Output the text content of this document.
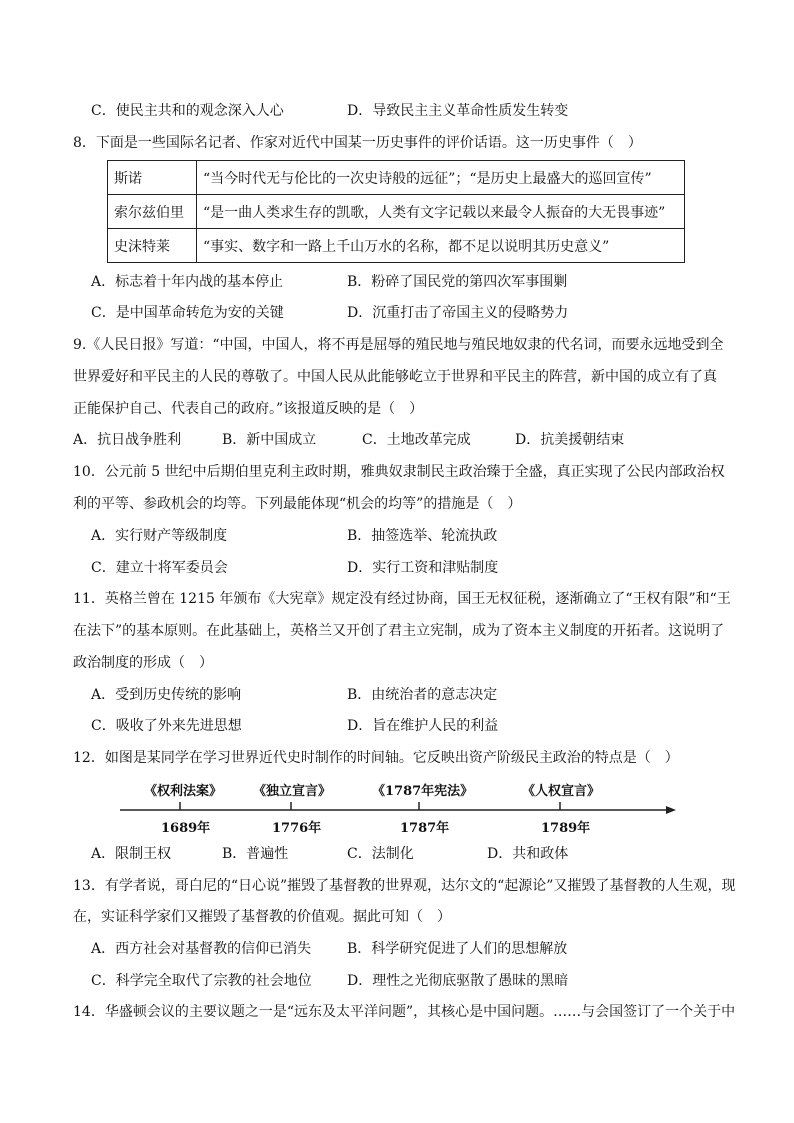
C．使民主共和的观念深入人心	D．导致民主主义革命性质发生转变
8．下面是一些国际名记者、作家对近代中国某一历史事件的评价话语。这一历史事件（　）
斯诺	“当今时代无与伦比的一次史诗般的远征”；“是历史上最盛大的巡回宣传”
索尔兹伯里	“是一曲人类求生存的凯歌，人类有文字记载以来最令人振奋的大无畏事迹”
史沫特莱	“事实、数字和一路上千山万水的名称，都不足以说明其历史意义”
A．标志着十年内战的基本停止	B．粉碎了国民党的第四次军事围剿
C．是中国革命转危为安的关键	D．沉重打击了帝国主义的侵略势力
9.《人民日报》写道：“中国，中国人，将不再是屈辱的殖民地与殖民地奴隶的代名词，而要永远地受到全
世界爱好和平民主的人民的尊敬了。中国人民从此能够屹立于世界和平民主的阵营，新中国的成立有了真
正能保护自己、代表自己的政府。”该报道反映的是（　）
A．抗日战争胜利	B．新中国成立	C．土地改革完成	D．抗美援朝结束
10．公元前 5 世纪中后期伯里克利主政时期，雅典奴隶制民主政治臻于全盛，真正实现了公民内部政治权
利的平等、参政机会的均等。下列最能体现“机会的均等”的措施是（　）
A．实行财产等级制度	B．抽签选举、轮流执政
C．建立十将军委员会	D．实行工资和津贴制度
11．英格兰曾在 1215 年颁布《大宪章》规定没有经过协商，国王无权征税，逐渐确立了“王权有限”和“王
在法下”的基本原则。在此基础上，英格兰又开创了君主立宪制，成为了资本主义制度的开拓者。这说明了
政治制度的形成（　）
A．受到历史传统的影响	B．由统治者的意志决定
C．吸收了外来先进思想	D．旨在维护人民的利益
12．如图是某同学在学习世界近代史时制作的时间轴。它反映出资产阶级民主政治的特点是（　）
《权利法案》 《独立宣言》	《1787年宪法》	《人权宣言》
1689年	1776年	1787年	1789年
A．限制王权	B．普遍性	C．法制化	D．共和政体
13．有学者说，哥白尼的“日心说”摧毁了基督教的世界观，达尔文的“起源论”又摧毁了基督教的人生观，现
在，实证科学家们又摧毁了基督教的价值观。据此可知（　）
A．西方社会对基督教的信仰已消失	B．科学研究促进了人们的思想解放
C．科学完全取代了宗教的社会地位	D．理性之光彻底驱散了愚昧的黑暗
14．华盛顿会议的主要议题之一是“远东及太平洋问题”，其核心是中国问题。……与会国签订了一个关于中
